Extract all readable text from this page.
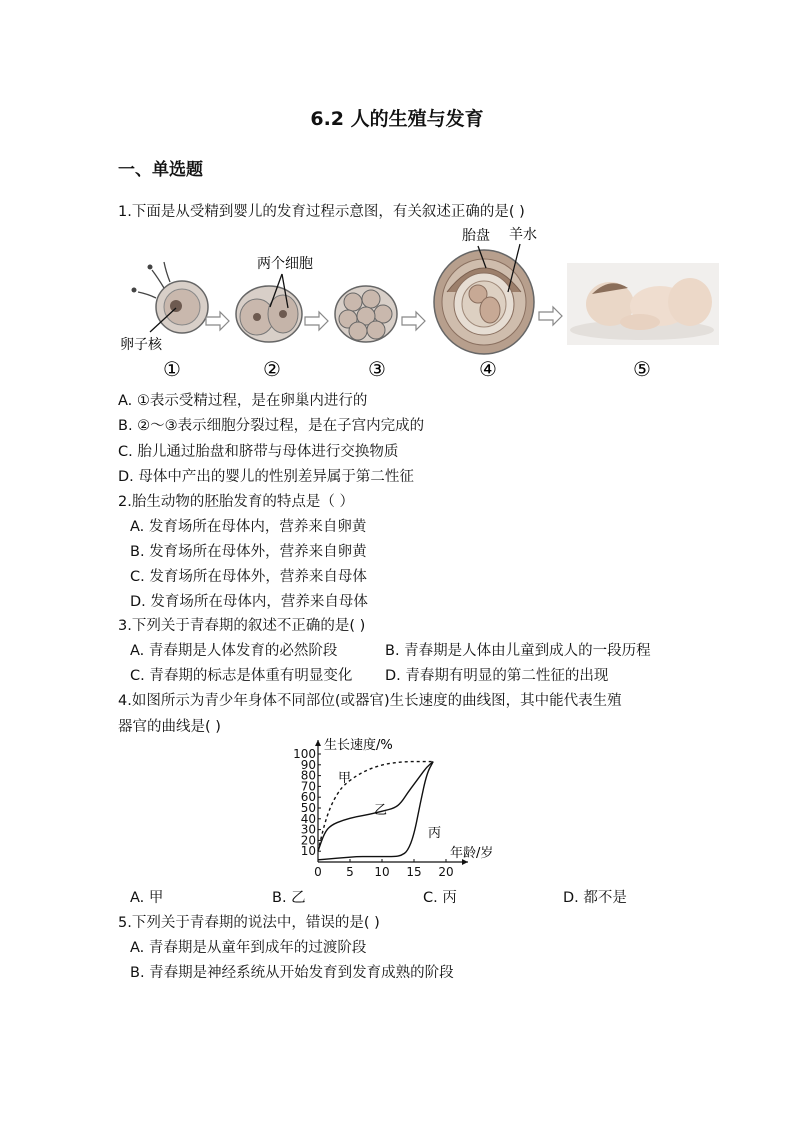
6.2 人的生殖与发育
一、单选题
1.下面是从受精到婴儿的发育过程示意图，有关叙述正确的是( )
卵子核
①
两个细胞
②	③
胎盘 羊水
④	⑤
A. ①表示受精过程，是在卵巢内进行的
B. ②～③表示细胞分裂过程，是在子宫内完成的
C. 胎儿通过胎盘和脐带与母体进行交换物质
D. 母体中产出的婴儿的性别差异属于第二性征
2.胎生动物的胚胎发育的特点是（ ）
A. 发育场所在母体内，营养来自卵黄
B. 发育场所在母体外，营养来自卵黄
C. 发育场所在母体外，营养来自母体
D. 发育场所在母体内，营养来自母体
3.下列关于青春期的叙述不正确的是( )
A. 青春期是人体发育的必然阶段	B. 青春期是人体由儿童到成人的一段历程
C. 青春期的标志是体重有明显变化 D. 青春期有明显的第二性征的出现
4.如图所示为青少年身体不同部位(或器官)生长速度的曲线图，其中能代表生殖
器官的曲线是( )
0 5 10 15 20
10
20
30
40
50
60
70
80
90
100
生长速度/%
年龄/岁
甲
乙
丙
A. 甲	B. 乙	C. 丙	D. 都不是
5.下列关于青春期的说法中，错误的是( )
A. 青春期是从童年到成年的过渡阶段
B. 青春期是神经系统从开始发育到发育成熟的阶段
